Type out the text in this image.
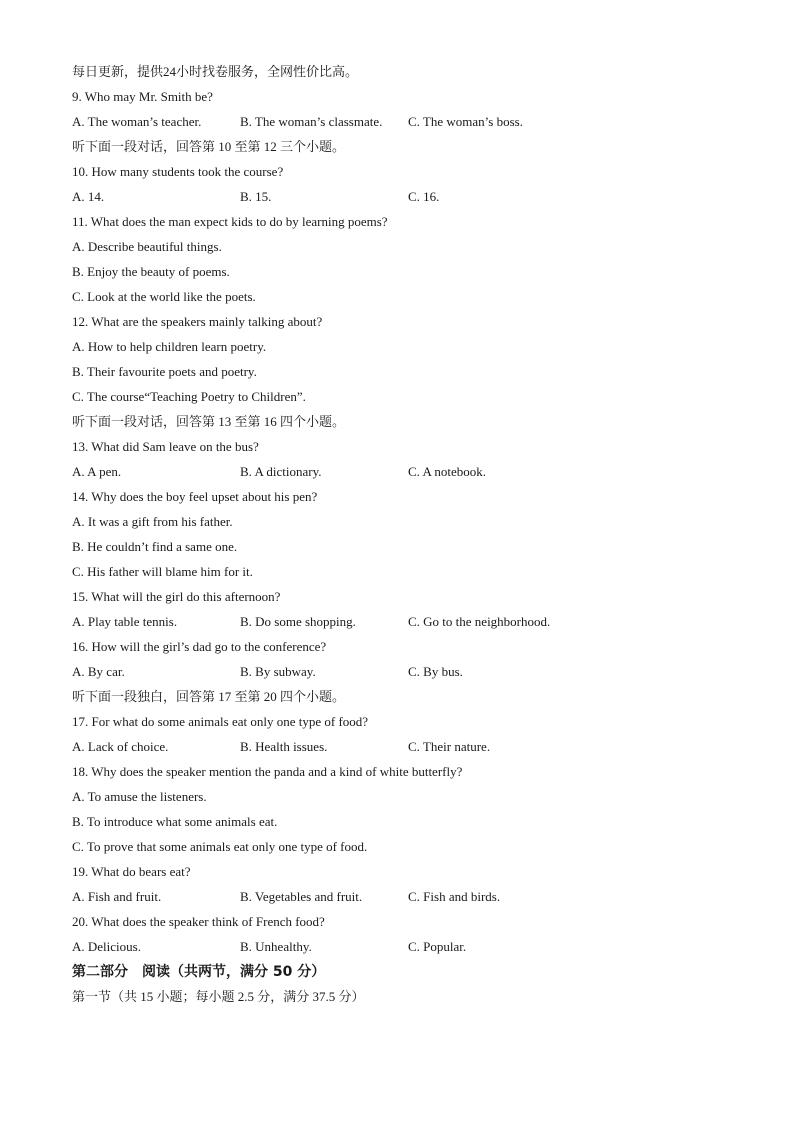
每日更新，提供24小时找卷服务，全网性价比高。
9. Who may Mr. Smith be?
A. The woman’s teacher.	B. The woman’s classmate.	C. The woman’s boss.
听下面一段对话，回答第 10 至第 12 三个小题。
10. How many students took the course?
A. 14.	B. 15.	C. 16.
11. What does the man expect kids to do by learning poems?
A. Describe beautiful things.
B. Enjoy the beauty of poems.
C. Look at the world like the poets.
12. What are the speakers mainly talking about?
A. How to help children learn poetry.
B. Their favourite poets and poetry.
C. The course“Teaching Poetry to Children”.
听下面一段对话，回答第 13 至第 16 四个小题。
13. What did Sam leave on the bus?
A. A pen.	B. A dictionary.	C. A notebook.
14. Why does the boy feel upset about his pen?
A. It was a gift from his father.
B. He couldn’t find a same one.
C. His father will blame him for it.
15. What will the girl do this afternoon?
A. Play table tennis.	B. Do some shopping.	C. Go to the neighborhood.
16. How will the girl’s dad go to the conference?
A. By car.	B. By subway.	C. By bus.
听下面一段独白，回答第 17 至第 20 四个小题。
17. For what do some animals eat only one type of food?
A. Lack of choice.	B. Health issues.	C. Their nature.
18. Why does the speaker mention the panda and a kind of white butterfly?
A. To amuse the listeners.
B. To introduce what some animals eat.
C. To prove that some animals eat only one type of food.
19. What do bears eat?
A. Fish and fruit.	B. Vegetables and fruit.	C. Fish and birds.
20. What does the speaker think of French food?
A. Delicious.	B. Unhealthy.	C. Popular.
第二部分　阅读（共两节，满分 50 分）
第一节（共 15 小题；每小题 2.5 分，满分 37.5 分）
